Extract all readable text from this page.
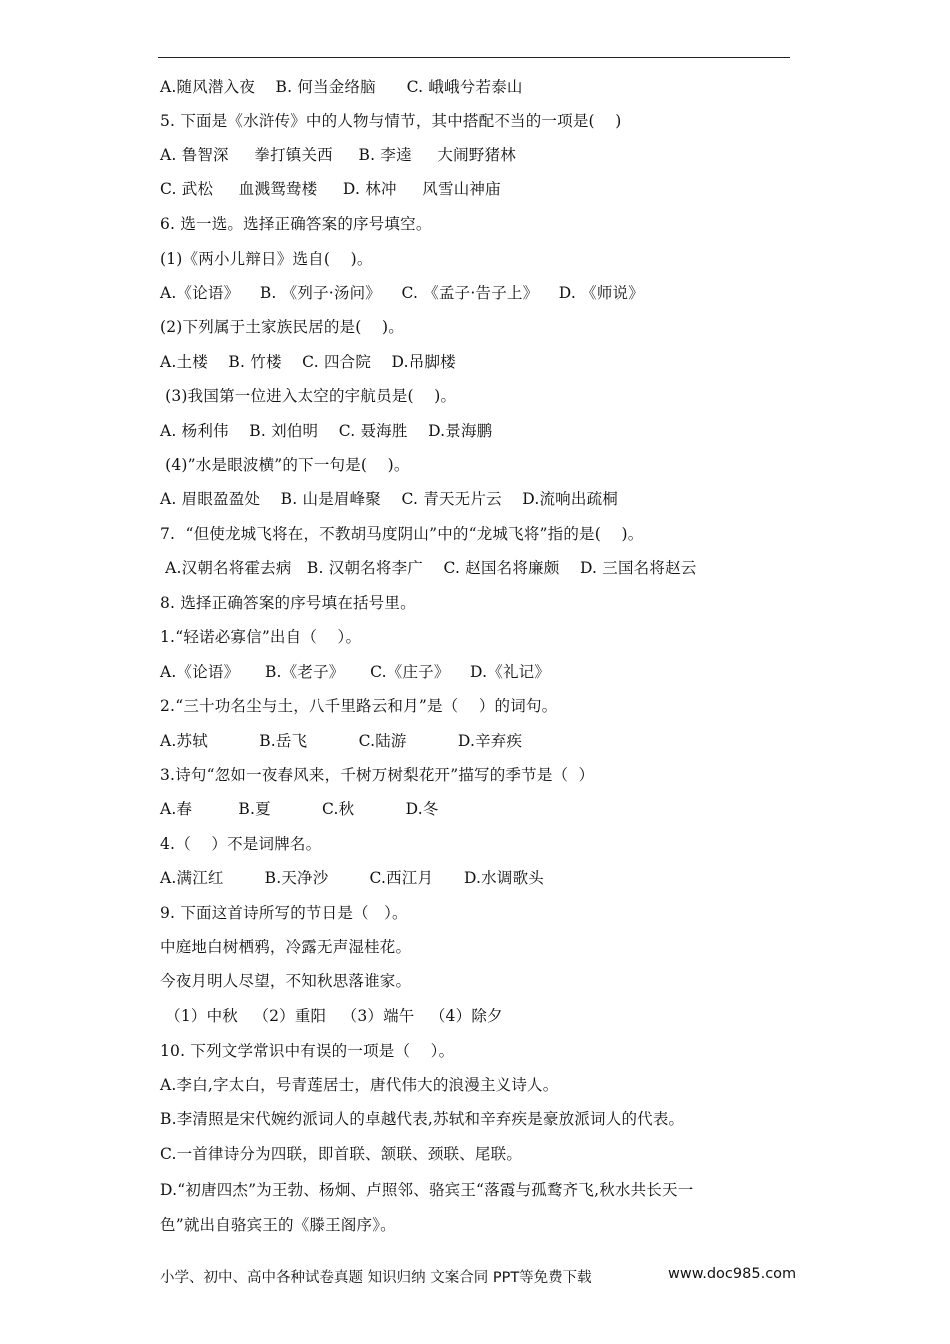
A.随风潜入夜    B. 何当金络脑      C. 峨峨兮若泰山
5. 下面是《水浒传》中的人物与情节，其中搭配不当的一项是(    )
A. 鲁智深     拳打镇关西     B. 李逵     大闹野猪林
C. 武松     血溅鸳鸯楼     D. 林冲     风雪山神庙
6. 选一选。选择正确答案的序号填空。
(1)《两小儿辩日》选自(    )。
A.《论语》    B. 《列子·汤问》    C. 《孟子·告子上》    D. 《师说》
(2)下列属于土家族民居的是(    )。
A.土楼    B. 竹楼    C. 四合院    D.吊脚楼
(3)我国第一位进入太空的宇航员是(    )。
A. 杨利伟    B. 刘伯明    C. 聂海胜    D.景海鹏
(4)”水是眼波横”的下一句是(    )。
A. 眉眼盈盈处    B. 山是眉峰聚    C. 青天无片云    D.流响出疏桐
7.  “但使龙城飞将在，不教胡马度阴山”中的“龙城飞将”指的是(    )。
A.汉朝名将霍去病   B. 汉朝名将李广    C. 赵国名将廉颇    D. 三国名将赵云
8. 选择正确答案的序号填在括号里。
1.“轻诺必寡信”出自（    ）。
A.《论语》     B.《老子》     C.《庄子》    D.《礼记》
2.“三十功名尘与土，八千里路云和月”是（    ）的词句。
A.苏轼          B.岳飞          C.陆游          D.辛弃疾
3.诗句“忽如一夜春风来，千树万树梨花开”描写的季节是（  ）
A.春         B.夏          C.秋          D.冬
4.（    ）不是词牌名。
A.满江红        B.天净沙        C.西江月      D.水调歌头
9. 下面这首诗所写的节日是（   ）。
中庭地白树栖鸦，冷露无声湿桂花。
今夜月明人尽望，不知秋思落谁家。
（1）中秋   （2）重阳   （3）端午   （4）除夕
10. 下列文学常识中有误的一项是（    ）。
A.李白,字太白，号青莲居士，唐代伟大的浪漫主义诗人。
B.李清照是宋代婉约派词人的卓越代表,苏轼和辛弃疾是豪放派词人的代表。
C.一首律诗分为四联，即首联、颔联、颈联、尾联。
D.“初唐四杰”为王勃、杨炯、卢照邻、骆宾王“落霞与孤鹜齐飞,秋水共长天一
色”就出自骆宾王的《滕王阁序》。
小学、初中、高中各种试卷真题 知识归纳 文案合同 PPT等免费下载	www.doc985.com
